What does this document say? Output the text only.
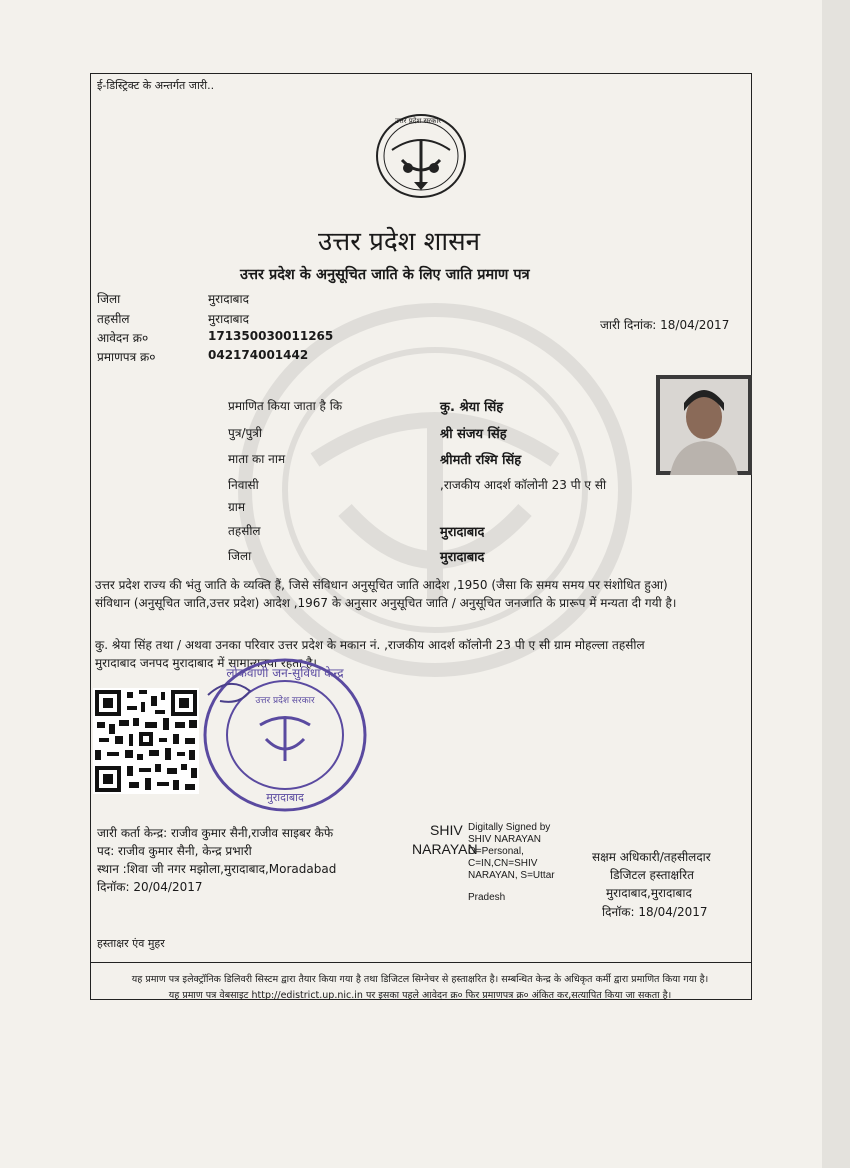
ई-डिस्ट्रिक्ट के अन्तर्गत जारी..
उत्तर प्रदेश सरकार
उत्तर प्रदेश शासन
उत्तर प्रदेश के अनुसूचित जाति के लिए जाति प्रमाण पत्र
जिला	मुरादाबाद
तहसील	मुरादाबाद
आवेदन क्र०	171350030011265
प्रमाणपत्र क्र०	042174001442
जारी दिनांक: 18/04/2017
प्रमाणित किया जाता है कि	कु. श्रेया सिंह
पुत्र/पुत्री	श्री संजय सिंह
माता का नाम	श्रीमती रश्मि सिंह
निवासी	,राजकीय आदर्श कॉलोनी 23 पी ए सी
ग्राम
तहसील	मुरादाबाद
जिला	मुरादाबाद
उत्तर प्रदेश राज्य की भंतु जाति के व्यक्ति हैं, जिसे संविधान अनुसूचित जाति आदेश ,1950 (जैसा कि समय समय पर संशोधित हुआ)
संविधान (अनुसूचित जाति,उत्तर प्रदेश) आदेश ,1967 के अनुसार अनुसूचित जाति / अनुसूचित जनजाति के प्रारूप में मन्यता दी गयी है।
कु. श्रेया सिंह तथा / अथवा उनका परिवार उत्तर प्रदेश के मकान नं. ,राजकीय आदर्श कॉलोनी 23 पी ए सी ग्राम मोहल्ला तहसील
मुरादाबाद जनपद मुरादाबाद में सामान्यतया रहता है।
लोकवाणी जन-सुविधा केन्द्र
उत्तर प्रदेश सरकार
मुरादाबाद
जारी कर्ता केन्द्र: राजीव कुमार सैनी,राजीव साइबर कैफे
पद: राजीव कुमार सैनी, केन्द्र प्रभारी
स्थान :शिवा जी नगर मझोला,मुरादाबाद,Moradabad
दिनॉक: 20/04/2017
SHIV
NARAYAN
Digitally Signed by
SHIV NARAYAN
O=Personal,
C=IN,CN=SHIV
NARAYAN, S=Uttar
Pradesh
सक्षम अधिकारी/तहसीलदार
डिजिटल हस्ताक्षरित
मुरादाबाद,मुरादाबाद
दिनॉक: 18/04/2017
हस्ताक्षर एंव मुहर
यह प्रमाण पत्र इलेक्ट्रॉनिक डिलिवरी सिस्टम द्वारा तैयार किया गया है तथा डिजिटल सिग्नेचर से हस्ताक्षरित है। सम्बन्धित केन्द्र के अधिकृत कर्मी द्वारा प्रमाणित किया गया है।
यह प्रमाण पत्र वेबसाइट http://edistrict.up.nic.in पर इसका पहले आवेदन क्र० फिर प्रमाणपत्र क्र० अंकित कर,सत्यापित किया जा सकता है।
